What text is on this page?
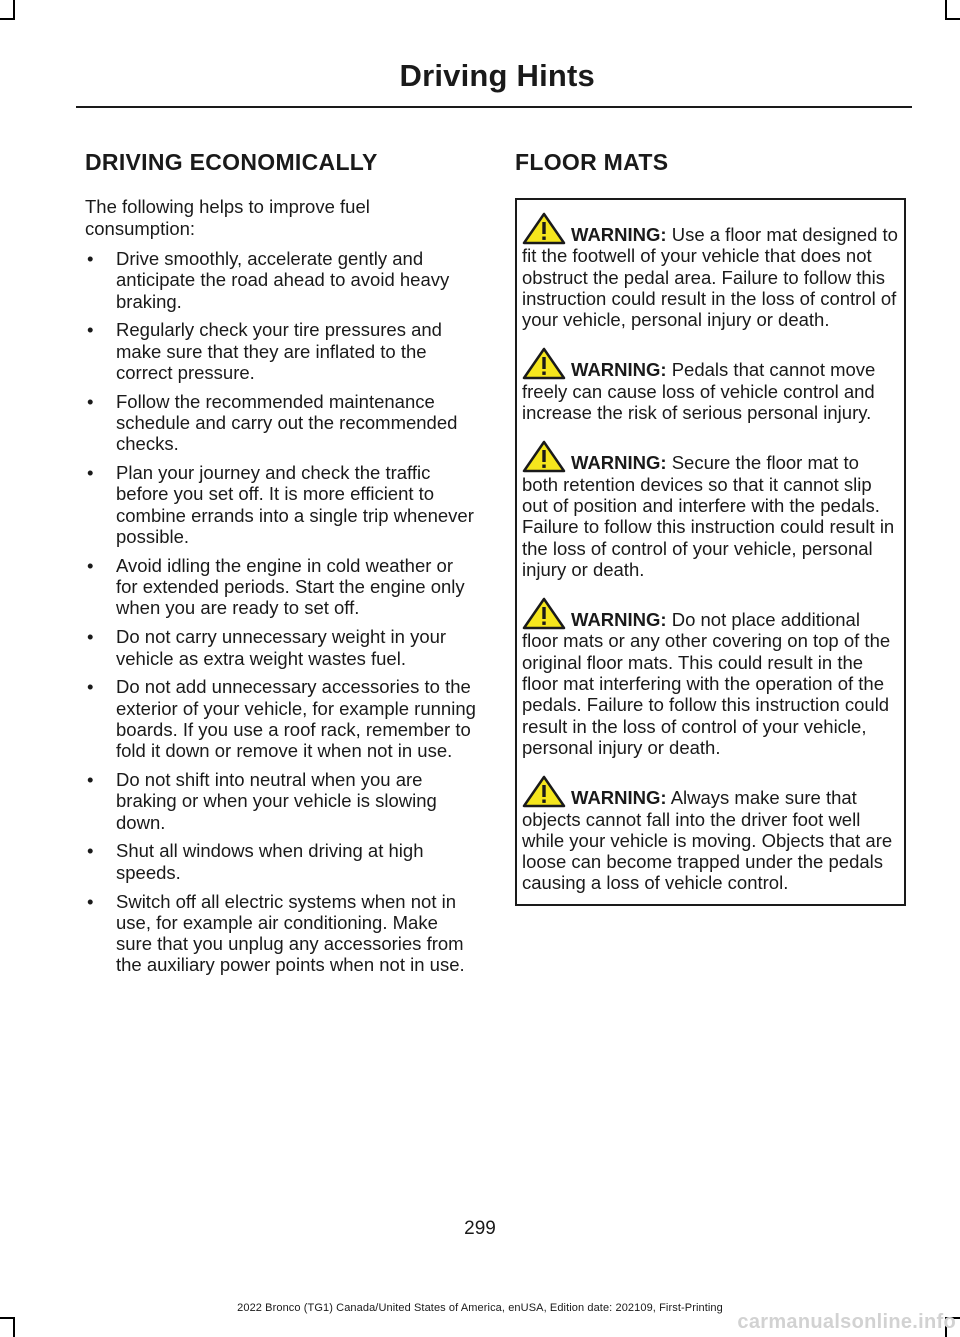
Driving Hints
DRIVING ECONOMICALLY

The following helps to improve fuel consumption:

• Drive smoothly, accelerate gently and anticipate the road ahead to avoid heavy braking.
• Regularly check your tire pressures and make sure that they are inflated to the correct pressure.
• Follow the recommended maintenance schedule and carry out the recommended checks.
• Plan your journey and check the traffic before you set off. It is more efficient to combine errands into a single trip whenever possible.
• Avoid idling the engine in cold weather or for extended periods. Start the engine only when you are ready to set off.
• Do not carry unnecessary weight in your vehicle as extra weight wastes fuel.
• Do not add unnecessary accessories to the exterior of your vehicle, for example running boards. If you use a roof rack, remember to fold it down or remove it when not in use.
• Do not shift into neutral when you are braking or when your vehicle is slowing down.
• Shut all windows when driving at high speeds.
• Switch off all electric systems when not in use, for example air conditioning. Make sure that you unplug any accessories from the auxiliary power points when not in use.
FLOOR MATS
WARNING: Use a floor mat designed to fit the footwell of your vehicle that does not obstruct the pedal area. Failure to follow this instruction could result in the loss of control of your vehicle, personal injury or death.
WARNING: Pedals that cannot move freely can cause loss of vehicle control and increase the risk of serious personal injury.
WARNING: Secure the floor mat to both retention devices so that it cannot slip out of position and interfere with the pedals. Failure to follow this instruction could result in the loss of control of your vehicle, personal injury or death.
WARNING: Do not place additional floor mats or any other covering on top of the original floor mats. This could result in the floor mat interfering with the operation of the pedals. Failure to follow this instruction could result in the loss of control of your vehicle, personal injury or death.
WARNING: Always make sure that objects cannot fall into the driver foot well while your vehicle is moving. Objects that are loose can become trapped under the pedals causing a loss of vehicle control.
299
2022 Bronco (TG1) Canada/United States of America, enUSA, Edition date: 202109, First-Printing
carmanualsonline.info
